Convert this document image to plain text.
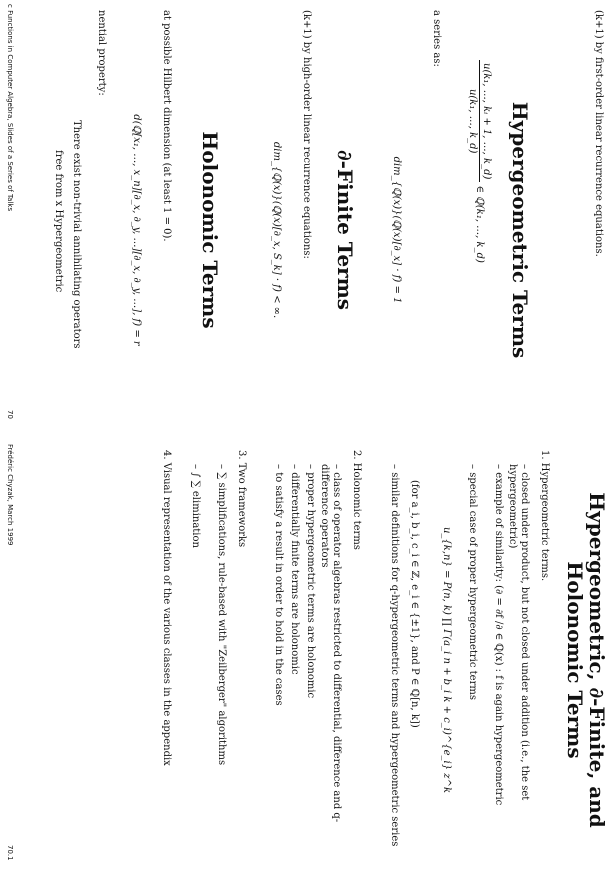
(k+1) by first-order linear recurrence equations.
Hypergeometric Terms
u(k₁, …, kᵢ + 1, …, k_d)
u(k₁, …, k_d)
∈ ℚ(k₁, …, k_d)
a series as:
dim_{ℚ(x)}(ℚ(x)[∂_x] · f) = 1
∂-Finite Terms
(k+1) by high-order linear recurrence equations:
dim_{ℚ(x)}(ℚ(x)[∂_x, S_k] · f) < ∞.
Holonomic Terms
at possible Hilbert dimension (at least 1 = 0).
d(ℚ[x₁, …, x_n][∂_x, ∂_y, …][∂_x, ∂_y, …], f) = r
nential property:
There exist non-trivial annihilating operators
free from x Hypergeometric
c Functions in Computer Algebra, Slides of a Series of Talks
70
Hypergeometric, ∂-Finite, and Holonomic Terms
1. Hypergeometric terms.
– closed under product, but not closed under addition (i.e., the set hypergeometric)
– example of similarity: (∂ = ∂f /∂ ∈ ℚ(x) : f is again hypergeometric
– special case of proper hypergeometric terms
u_{k,n} = P(n, k) ∏ Γ(a_i n + b_i k + c_i)^{e_i} z^k
(for a_i, b_i, c_i ∈ ℤ, e_i ∈ {±1}, and P ∈ ℚ[n, k])
– similar definitions for q-hypergeometric terms and hypergeometric series
2. Holonomic terms
– class of operator algebras restricted to differential, difference and q-difference operators
– proper hypergeometric terms are holonomic
– differentially finite terms are holonomic
– to satisfy a result in order to hold in the cases
3. Two frameworks
– ∑ simplifications, rule-based with "Zeilberger" algorithms
– ∫ ∑ elimination
4. Visual representation of the various classes in the appendix
Frédéric Chyzak, March 1999
70.1
